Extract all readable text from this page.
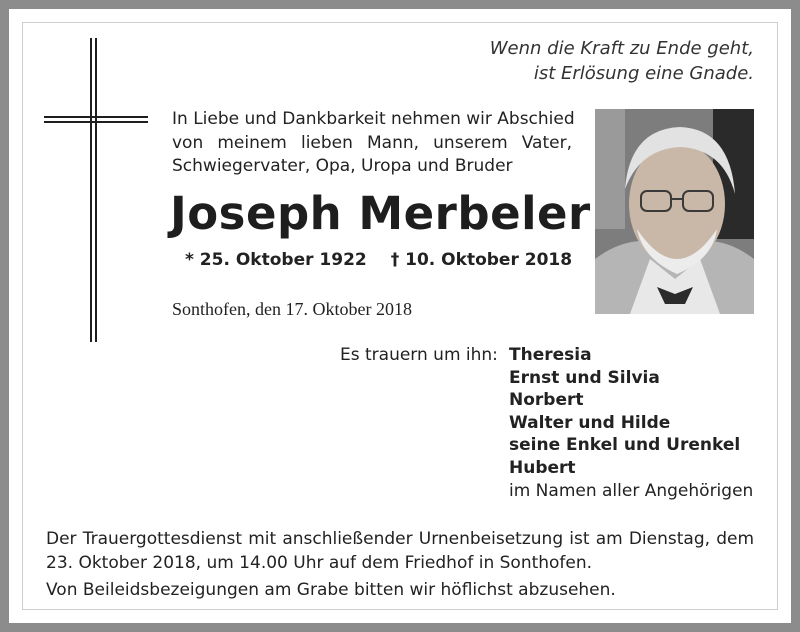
Wenn die Kraft zu Ende geht,
ist Erlösung eine Gnade.
In Liebe und Dankbarkeit nehmen wir Abschied
von meinem lieben Mann, unserem Vater,
Schwiegervater, Opa, Uropa und Bruder
Joseph Merbeler
* 25. Oktober 1922 † 10. Oktober 2018
Sonthofen, den 17. Oktober 2018
Es trauern um ihn: Theresia
Ernst und Silvia
Norbert
Walter und Hilde
seine Enkel und Urenkel
Hubert
im Namen aller Angehörigen
Der Trauergottesdienst mit anschließender Urnenbeisetzung ist am Dienstag, dem
23. Oktober 2018, um 14.00 Uhr auf dem Friedhof in Sonthofen.
Von Beileidsbezeigungen am Grabe bitten wir höflichst abzusehen.
